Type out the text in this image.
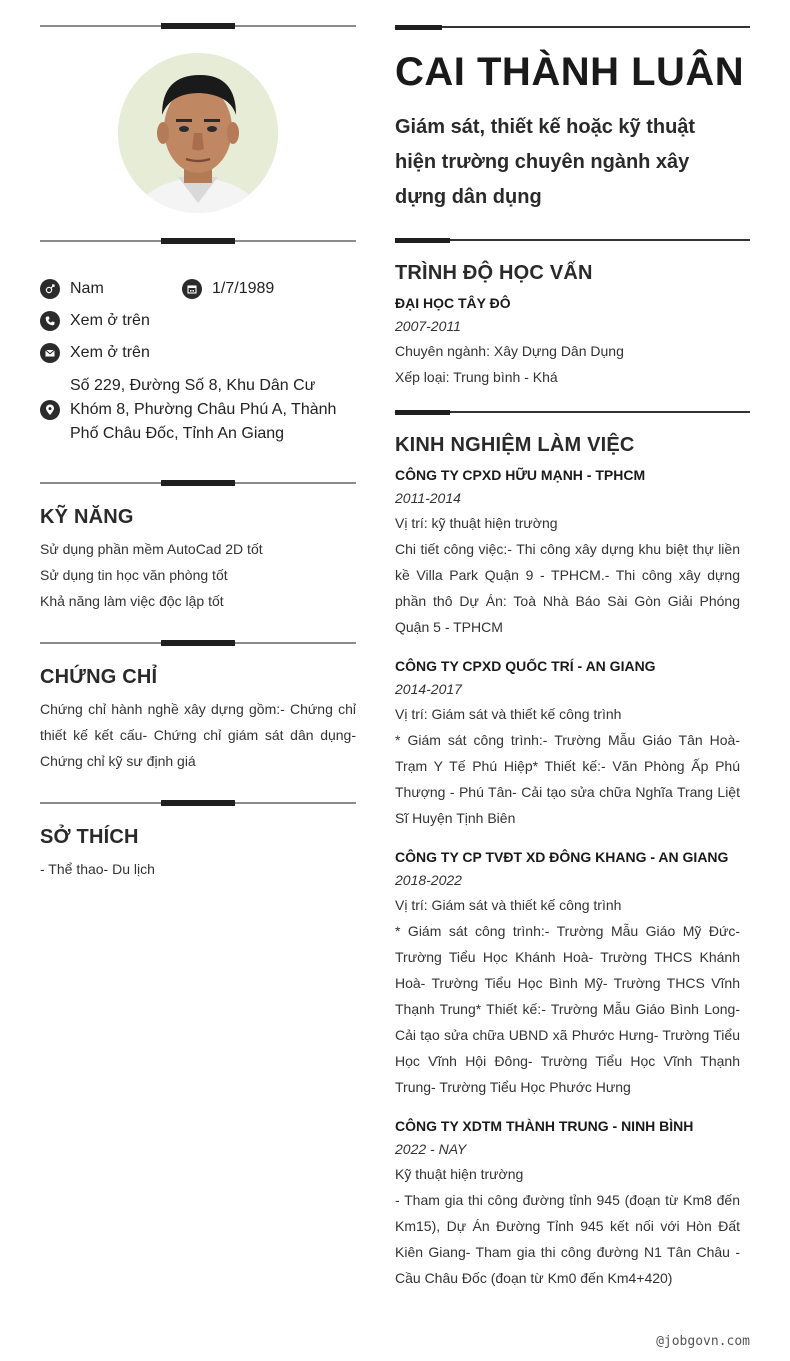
Nam	1/7/1989
Xem ở trên
Xem ở trên
Số 229, Đường Số 8, Khu Dân Cư Khóm 8, Phường Châu Phú A, Thành Phố Châu Đốc, Tỉnh An Giang
KỸ NĂNG
Sử dụng phần mềm AutoCad 2D tốt
Sử dụng tin học văn phòng tốt
Khả năng làm việc độc lập tốt
CHỨNG CHỈ
Chứng chỉ hành nghề xây dựng gồm:- Chứng chỉ thiết kế kết cấu- Chứng chỉ giám sát dân dụng- Chứng chỉ kỹ sư định giá
SỞ THÍCH
- Thể thao- Du lịch
CAI THÀNH LUÂN
Giám sát, thiết kế hoặc kỹ thuật hiện trường chuyên ngành xây dựng dân dụng
TRÌNH ĐỘ HỌC VẤN
ĐẠI HỌC TÂY ĐÔ
2007-2011
Chuyên ngành: Xây Dựng Dân Dụng
Xếp loại: Trung bình - Khá
KINH NGHIỆM LÀM VIỆC
CÔNG TY CPXD HỮU MẠNH - TPHCM
2011-2014
Vị trí: kỹ thuật hiện trường
Chi tiết công việc:- Thi công xây dựng khu biệt thự liền kề Villa Park Quận 9 - TPHCM.- Thi công xây dựng phần thô Dự Án: Toà Nhà Báo Sài Gòn Giải Phóng Quận 5 - TPHCM
CÔNG TY CPXD QUỐC TRÍ - AN GIANG
2014-2017
Vị trí: Giám sát và thiết kế công trình
* Giám sát công trình:- Trường Mẫu Giáo Tân Hoà- Trạm Y Tế Phú Hiệp* Thiết kế:- Văn Phòng Ấp Phú Thượng - Phú Tân- Cải tạo sửa chữa Nghĩa Trang Liệt Sĩ Huyện Tịnh Biên
CÔNG TY CP TVĐT XD ĐÔNG KHANG - AN GIANG
2018-2022
Vị trí: Giám sát và thiết kế công trình
* Giám sát công trình:- Trường Mẫu Giáo Mỹ Đức- Trường Tiểu Học Khánh Hoà- Trường THCS Khánh Hoà- Trường Tiểu Học Bình Mỹ- Trường THCS Vĩnh Thạnh Trung* Thiết kế:- Trường Mẫu Giáo Bình Long- Cải tạo sửa chữa UBND xã Phước Hưng- Trường Tiểu Học Vĩnh Hội Đông- Trường Tiểu Học Vĩnh Thạnh Trung- Trường Tiểu Học Phước Hưng
CÔNG TY XDTM THÀNH TRUNG - NINH BÌNH
2022 - NAY
Kỹ thuật hiện trường
- Tham gia thi công đường tỉnh 945 (đoạn từ Km8 đến Km15), Dự Án Đường Tỉnh 945 kết nối với Hòn Đất Kiên Giang- Tham gia thi công đường N1 Tân Châu - Cầu Châu Đốc (đoạn từ Km0 đến Km4+420)
@jobgovn.com
